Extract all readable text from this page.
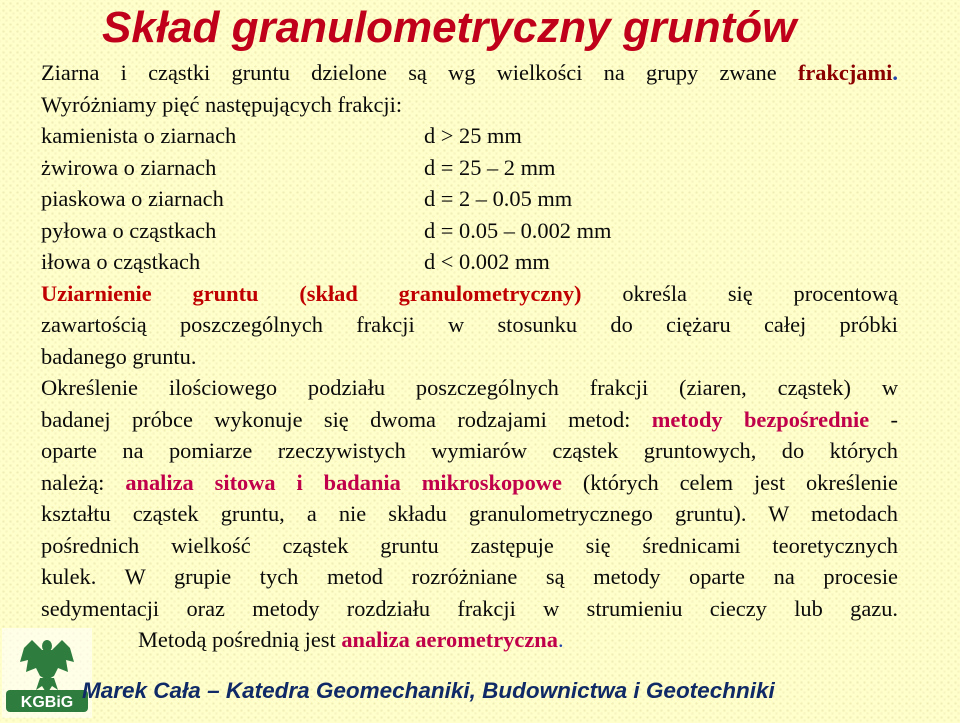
Skład granulometryczny gruntów
Ziarna i cząstki gruntu dzielone są wg wielkości na grupy zwane frakcjami.
Wyróżniamy pięć następujących frakcji:
kamienista o ziarnach	d > 25 mm
żwirowa o ziarnach	d = 25 – 2 mm
piaskowa o ziarnach	d = 2 – 0.05 mm
pyłowa o cząstkach	d = 0.05 – 0.002 mm
iłowa o cząstkach	d < 0.002 mm
Uziarnienie gruntu (skład granulometryczny) określa się procentową
zawartością poszczególnych frakcji w stosunku do ciężaru całej próbki
badanego gruntu.
Określenie ilościowego podziału poszczególnych frakcji (ziaren, cząstek) w
badanej próbce wykonuje się dwoma rodzajami metod: metody bezpośrednie -
oparte na pomiarze rzeczywistych wymiarów cząstek gruntowych, do których
należą: analiza sitowa i badania mikroskopowe (których celem jest określenie
kształtu cząstek gruntu, a nie składu granulometrycznego gruntu). W metodach
pośrednich wielkość cząstek gruntu zastępuje się średnicami teoretycznych
kulek. W grupie tych metod rozróżniane są metody oparte na procesie
sedymentacji oraz metody rozdziału frakcji w strumieniu cieczy lub gazu.
Metodą pośrednią jest analiza aerometryczna.
KGBiG Marek Cała – Katedra Geomechaniki, Budownictwa i Geotechniki
